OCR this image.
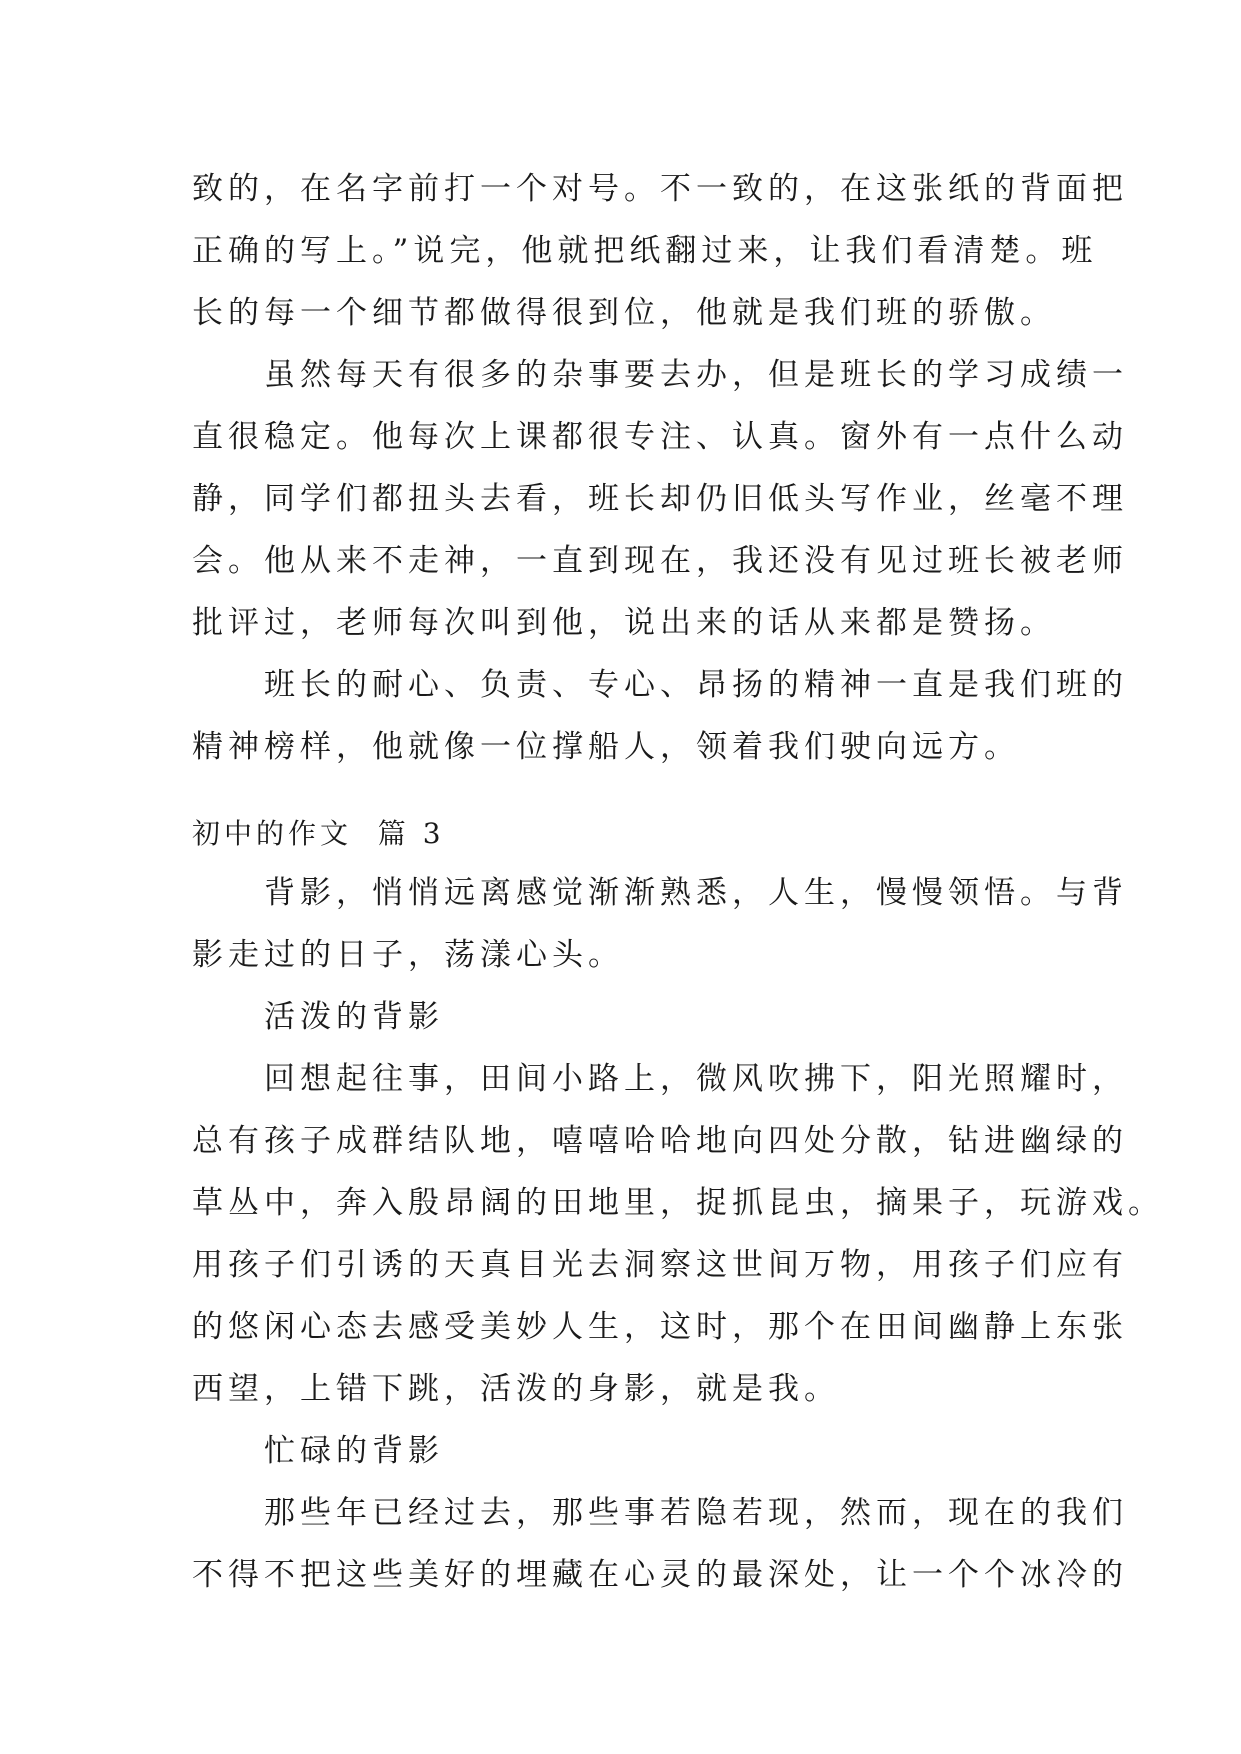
致的，在名字前打一个对号。不一致的，在这张纸的背面把
正确的写上。”说完，他就把纸翻过来，让我们看清楚。班
长的每一个细节都做得很到位，他就是我们班的骄傲。
　　虽然每天有很多的杂事要去办，但是班长的学习成绩一
直很稳定。他每次上课都很专注、认真。窗外有一点什么动
静，同学们都扭头去看，班长却仍旧低头写作业，丝毫不理
会。他从来不走神，一直到现在，我还没有见过班长被老师
批评过，老师每次叫到他，说出来的话从来都是赞扬。
　　班长的耐心、负责、专心、昂扬的精神一直是我们班的
精神榜样，他就像一位撑船人，领着我们驶向远方。
初中的作文  篇 3
　　背影，悄悄远离感觉渐渐熟悉，人生，慢慢领悟。与背
影走过的日子，荡漾心头。
　　活泼的背影
　　回想起往事，田间小路上，微风吹拂下，阳光照耀时，
总有孩子成群结队地，嘻嘻哈哈地向四处分散，钻进幽绿的
草丛中，奔入殷昂阔的田地里，捉抓昆虫，摘果子，玩游戏。
用孩子们引诱的天真目光去洞察这世间万物，用孩子们应有
的悠闲心态去感受美妙人生，这时，那个在田间幽静上东张
西望，上错下跳，活泼的身影，就是我。
　　忙碌的背影
　　那些年已经过去，那些事若隐若现，然而，现在的我们
不得不把这些美好的埋藏在心灵的最深处，让一个个冰冷的
